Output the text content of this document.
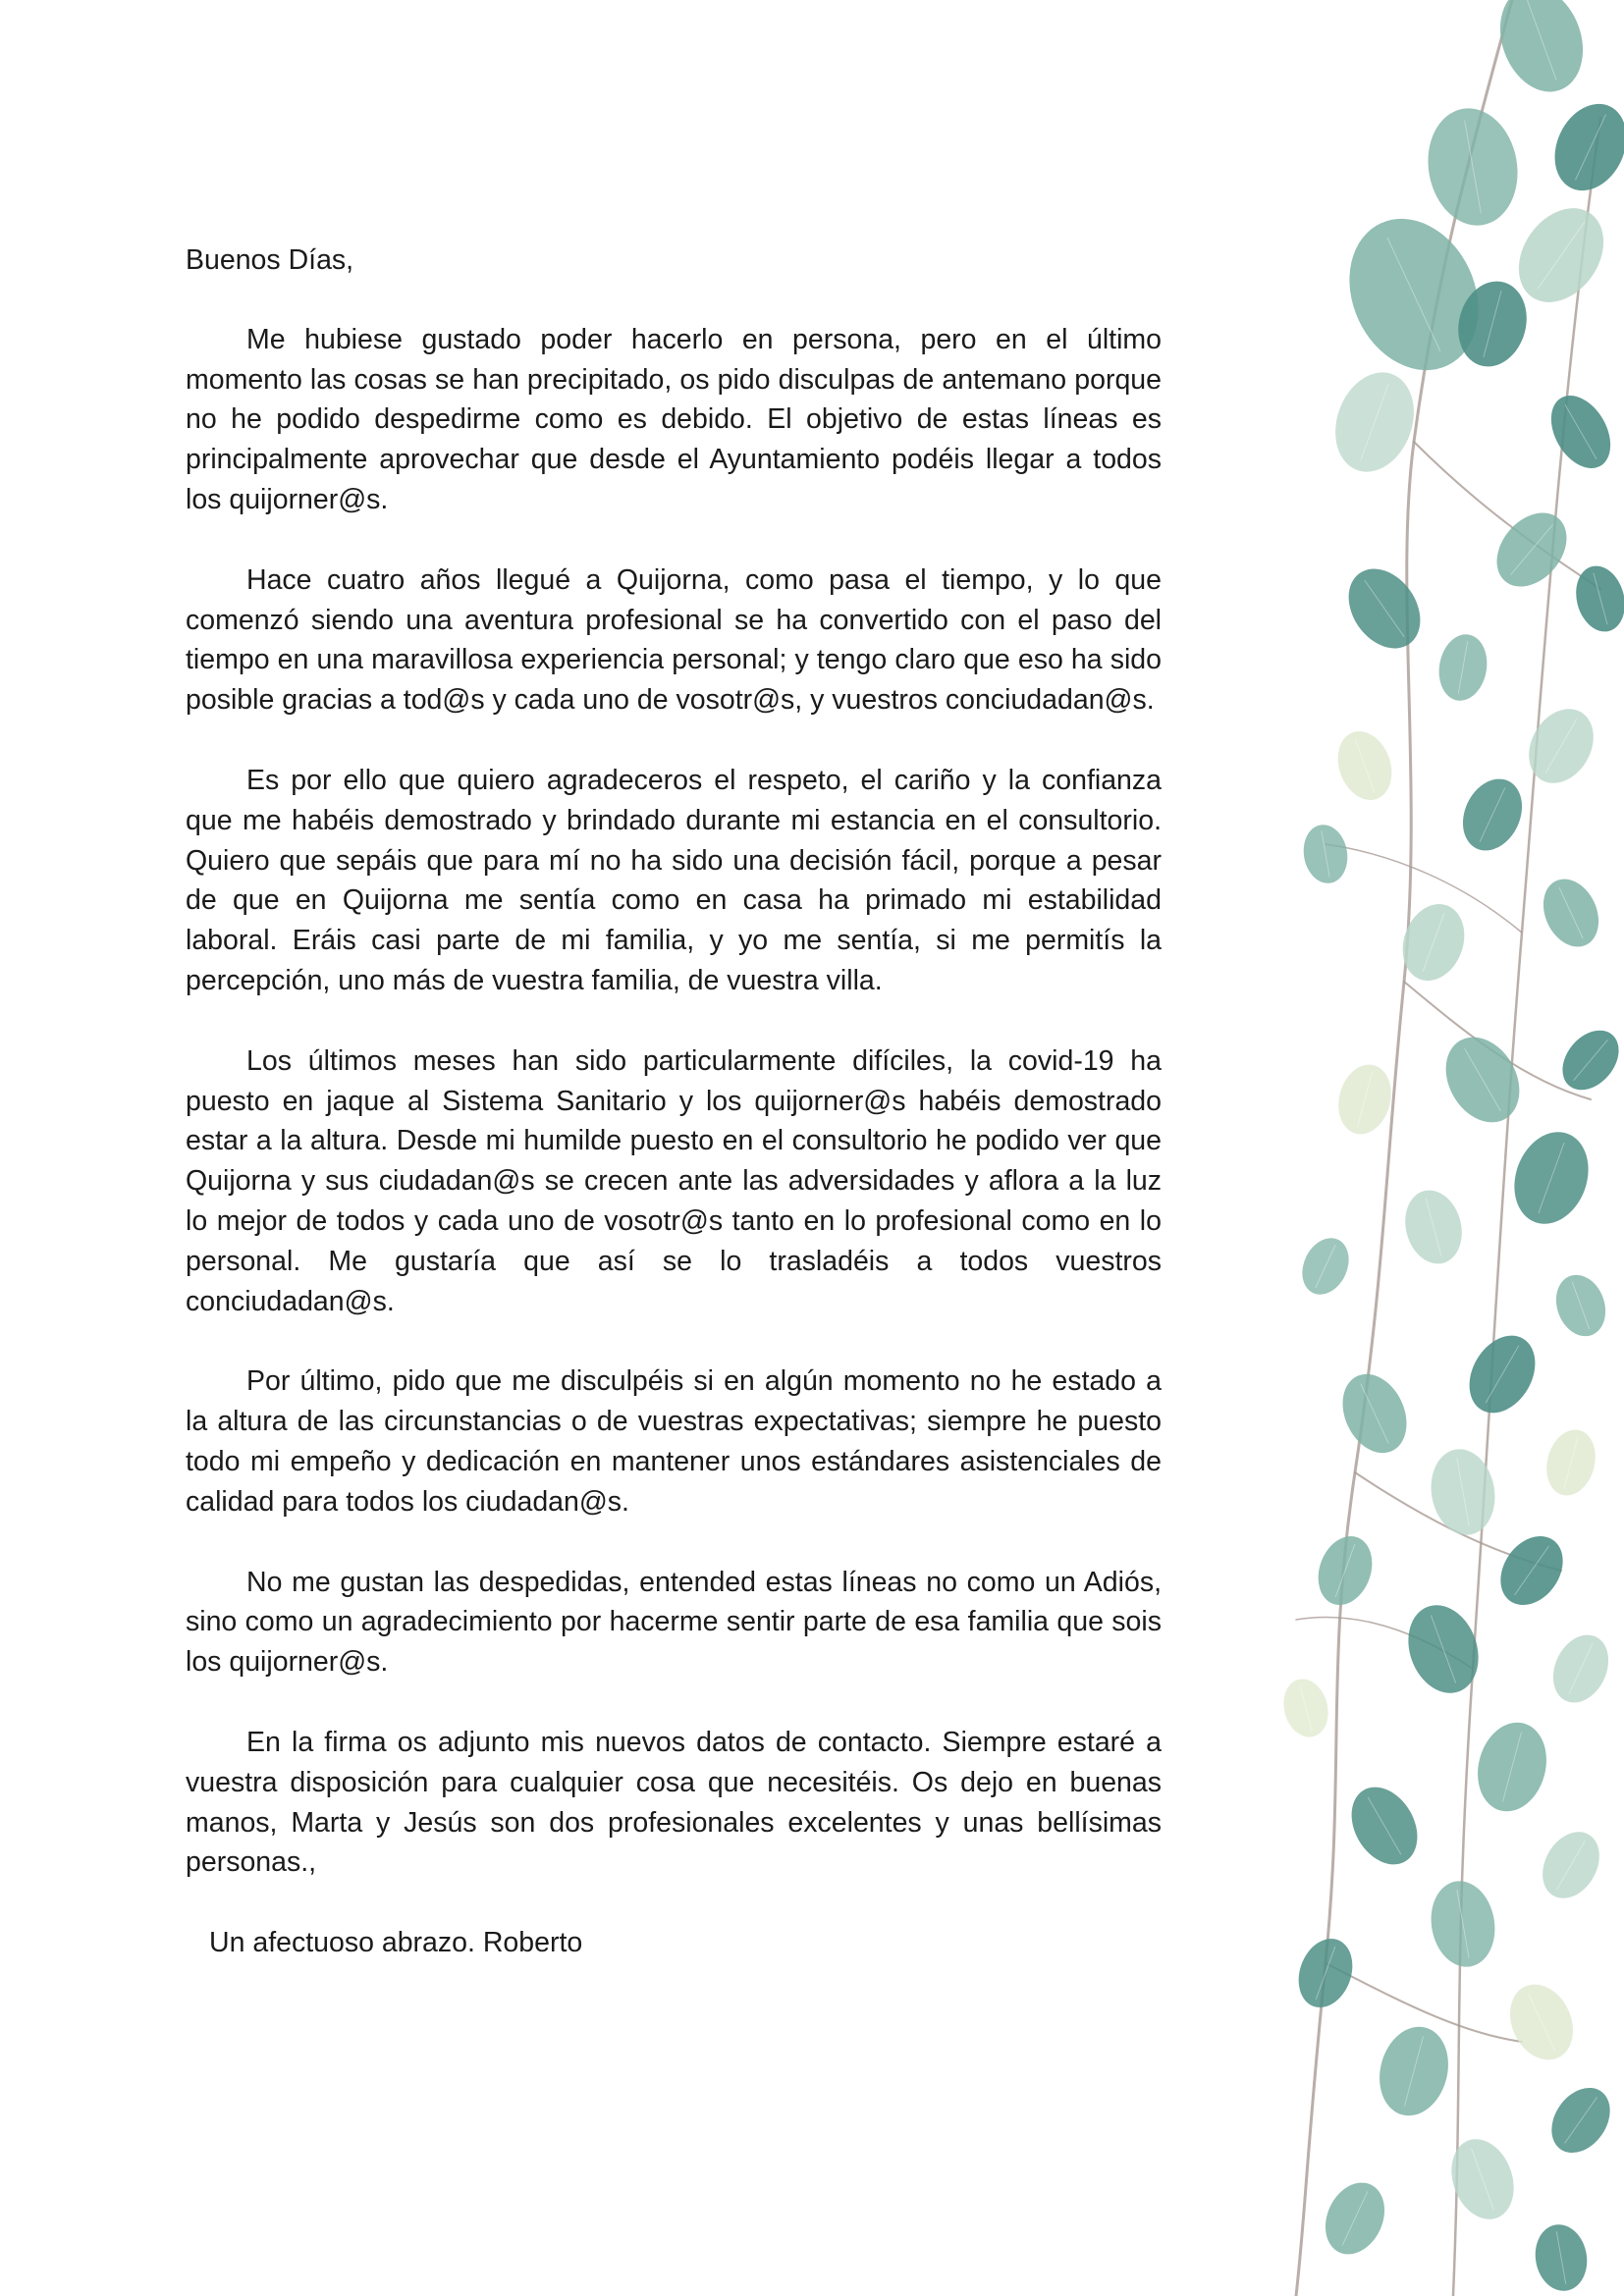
Buenos Días,

Me hubiese gustado poder hacerlo en persona, pero en el último momento las cosas se han precipitado, os pido disculpas de antemano porque no he podido despedirme como es debido. El objetivo de estas líneas es principalmente aprovechar que desde el Ayuntamiento podéis llegar a todos los quijorner@s.

Hace cuatro años llegué a Quijorna, como pasa el tiempo, y lo que comenzó siendo una aventura profesional se ha convertido con el paso del tiempo en una maravillosa experiencia personal; y tengo claro que eso ha sido posible gracias a tod@s y cada uno de vosotr@s, y vuestros conciudadan@s.

Es por ello que quiero agradeceros el respeto, el cariño y la confianza que me habéis demostrado y brindado durante mi estancia en el consultorio. Quiero que sepáis que para mí no ha sido una decisión fácil, porque a pesar de que en Quijorna me sentía como en casa ha primado mi estabilidad laboral. Eráis casi parte de mi familia, y yo me sentía, si me permitís la percepción, uno más de vuestra familia, de vuestra villa.

Los últimos meses han sido particularmente difíciles, la covid-19 ha puesto en jaque al Sistema Sanitario y los quijorner@s habéis demostrado estar a la altura. Desde mi humilde puesto en el consultorio he podido ver que Quijorna y sus ciudadan@s se crecen ante las adversidades y aflora a la luz lo mejor de todos y cada uno de vosotr@s tanto en lo profesional como en lo personal. Me gustaría que así se lo trasladéis a todos vuestros conciudadan@s.

Por último, pido que me disculpéis si en algún momento no he estado a la altura de las circunstancias o de vuestras expectativas; siempre he puesto todo mi empeño y dedicación en mantener unos estándares asistenciales de calidad para todos los ciudadan@s.

No me gustan las despedidas, entended estas líneas no como un Adiós, sino como un agradecimiento por hacerme sentir parte de esa familia que sois los quijorner@s.

En la firma os adjunto mis nuevos datos de contacto. Siempre estaré a vuestra disposición para cualquier cosa que necesitéis. Os dejo en buenas manos, Marta y Jesús son dos profesionales excelentes y unas bellísimas personas.,

Un afectuoso abrazo. Roberto
